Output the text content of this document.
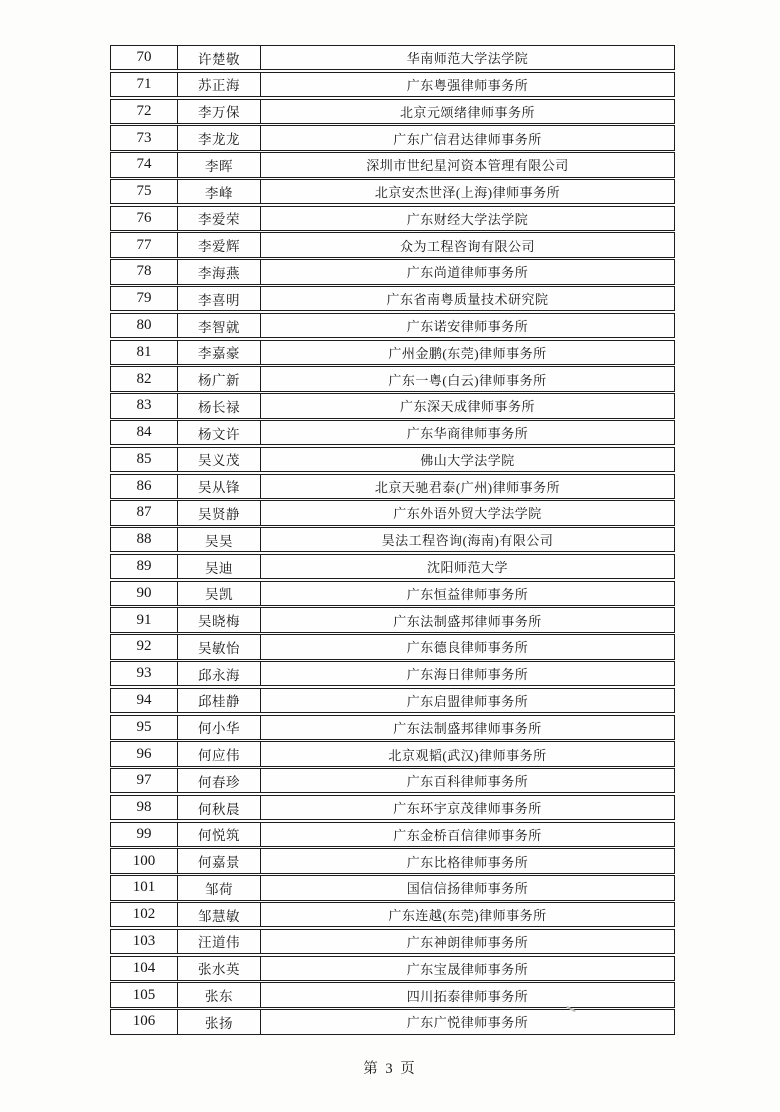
70	许楚敬	华南师范大学法学院
71	苏正海	广东粤强律师事务所
72	李万保	北京元颂绪律师事务所
73	李龙龙	广东广信君达律师事务所
74	李晖	深圳市世纪星河资本管理有限公司
75	李峰	北京安杰世泽(上海)律师事务所
76	李爱荣	广东财经大学法学院
77	李爱辉	众为工程咨询有限公司
78	李海燕	广东尚道律师事务所
79	李喜明	广东省南粤质量技术研究院
80	李智就	广东诺安律师事务所
81	李嘉豪	广州金鹏(东莞)律师事务所
82	杨广新	广东一粤(白云)律师事务所
83	杨长禄	广东深天成律师事务所
84	杨文许	广东华商律师事务所
85	吴义茂	佛山大学法学院
86	吴从锋	北京天驰君泰(广州)律师事务所
87	吴贤静	广东外语外贸大学法学院
88	吴昊	昊法工程咨询(海南)有限公司
89	吴迪	沈阳师范大学
90	吴凯	广东恒益律师事务所
91	吴晓梅	广东法制盛邦律师事务所
92	吴敏怡	广东德良律师事务所
93	邱永海	广东海日律师事务所
94	邱桂静	广东启盟律师事务所
95	何小华	广东法制盛邦律师事务所
96	何应伟	北京观韬(武汉)律师事务所
97	何春珍	广东百科律师事务所
98	何秋晨	广东环宇京茂律师事务所
99	何悦筑	广东金桥百信律师事务所
100	何嘉景	广东比格律师事务所
101	邹荷	国信信扬律师事务所
102	邹慧敏	广东连越(东莞)律师事务所
103	汪道伟	广东神朗律师事务所
104	张水英	广东宝晟律师事务所
105	张东	四川拓泰律师事务所
106	张扬	广东广悦律师事务所
第 3 页
